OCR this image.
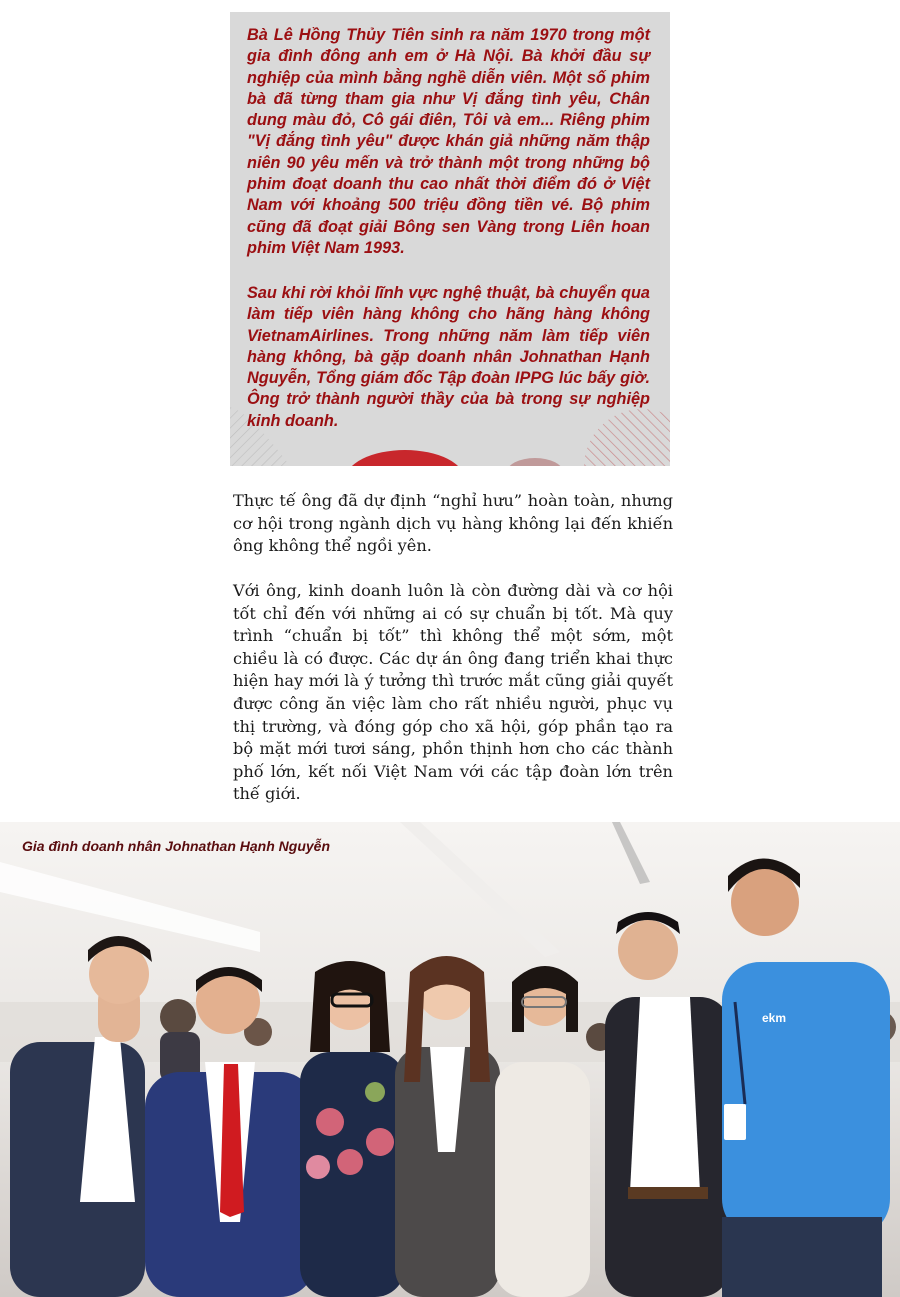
Bà Lê Hồng Thủy Tiên sinh ra năm 1970 trong một gia đình đông anh em ở Hà Nội. Bà khởi đầu sự nghiệp của mình bằng nghề diễn viên. Một số phim bà đã từng tham gia như Vị đắng tình yêu, Chân dung màu đỏ, Cô gái điên, Tôi và em... Riêng phim "Vị đắng tình yêu" được khán giả những năm thập niên 90 yêu mến và trở thành một trong những bộ phim đoạt doanh thu cao nhất thời điểm đó ở Việt Nam với khoảng 500 triệu đồng tiền vé. Bộ phim cũng đã đoạt giải Bông sen Vàng trong Liên hoan phim Việt Nam 1993.

Sau khi rời khỏi lĩnh vực nghệ thuật, bà chuyển qua làm tiếp viên hàng không cho hãng hàng không VietnamAirlines. Trong những năm làm tiếp viên hàng không, bà gặp doanh nhân Johnathan Hạnh Nguyễn, Tổng giám đốc Tập đoàn IPPG lúc bấy giờ. Ông trở thành người thầy của bà trong sự nghiệp kinh doanh.

Thực tế ông đã dự định “nghỉ hưu” hoàn toàn, nhưng cơ hội trong ngành dịch vụ hàng không lại đến khiến ông không thể ngồi yên.

Với ông, kinh doanh luôn là còn đường dài và cơ hội tốt chỉ đến với những ai có sự chuẩn bị tốt. Mà quy trình “chuẩn bị tốt” thì không thể một sớm, một chiều là có được. Các dự án ông đang triển khai thực hiện hay mới là ý tưởng thì trước mắt cũng giải quyết được công ăn việc làm cho rất nhiều người, phục vụ thị trường, và đóng góp cho xã hội, góp phần tạo ra bộ mặt mới tươi sáng, phồn thịnh hơn cho các thành phố lớn, kết nối Việt Nam với các tập đoàn lớn trên thế giới.

ekm

Gia đình doanh nhân Johnathan Hạnh Nguyễn
